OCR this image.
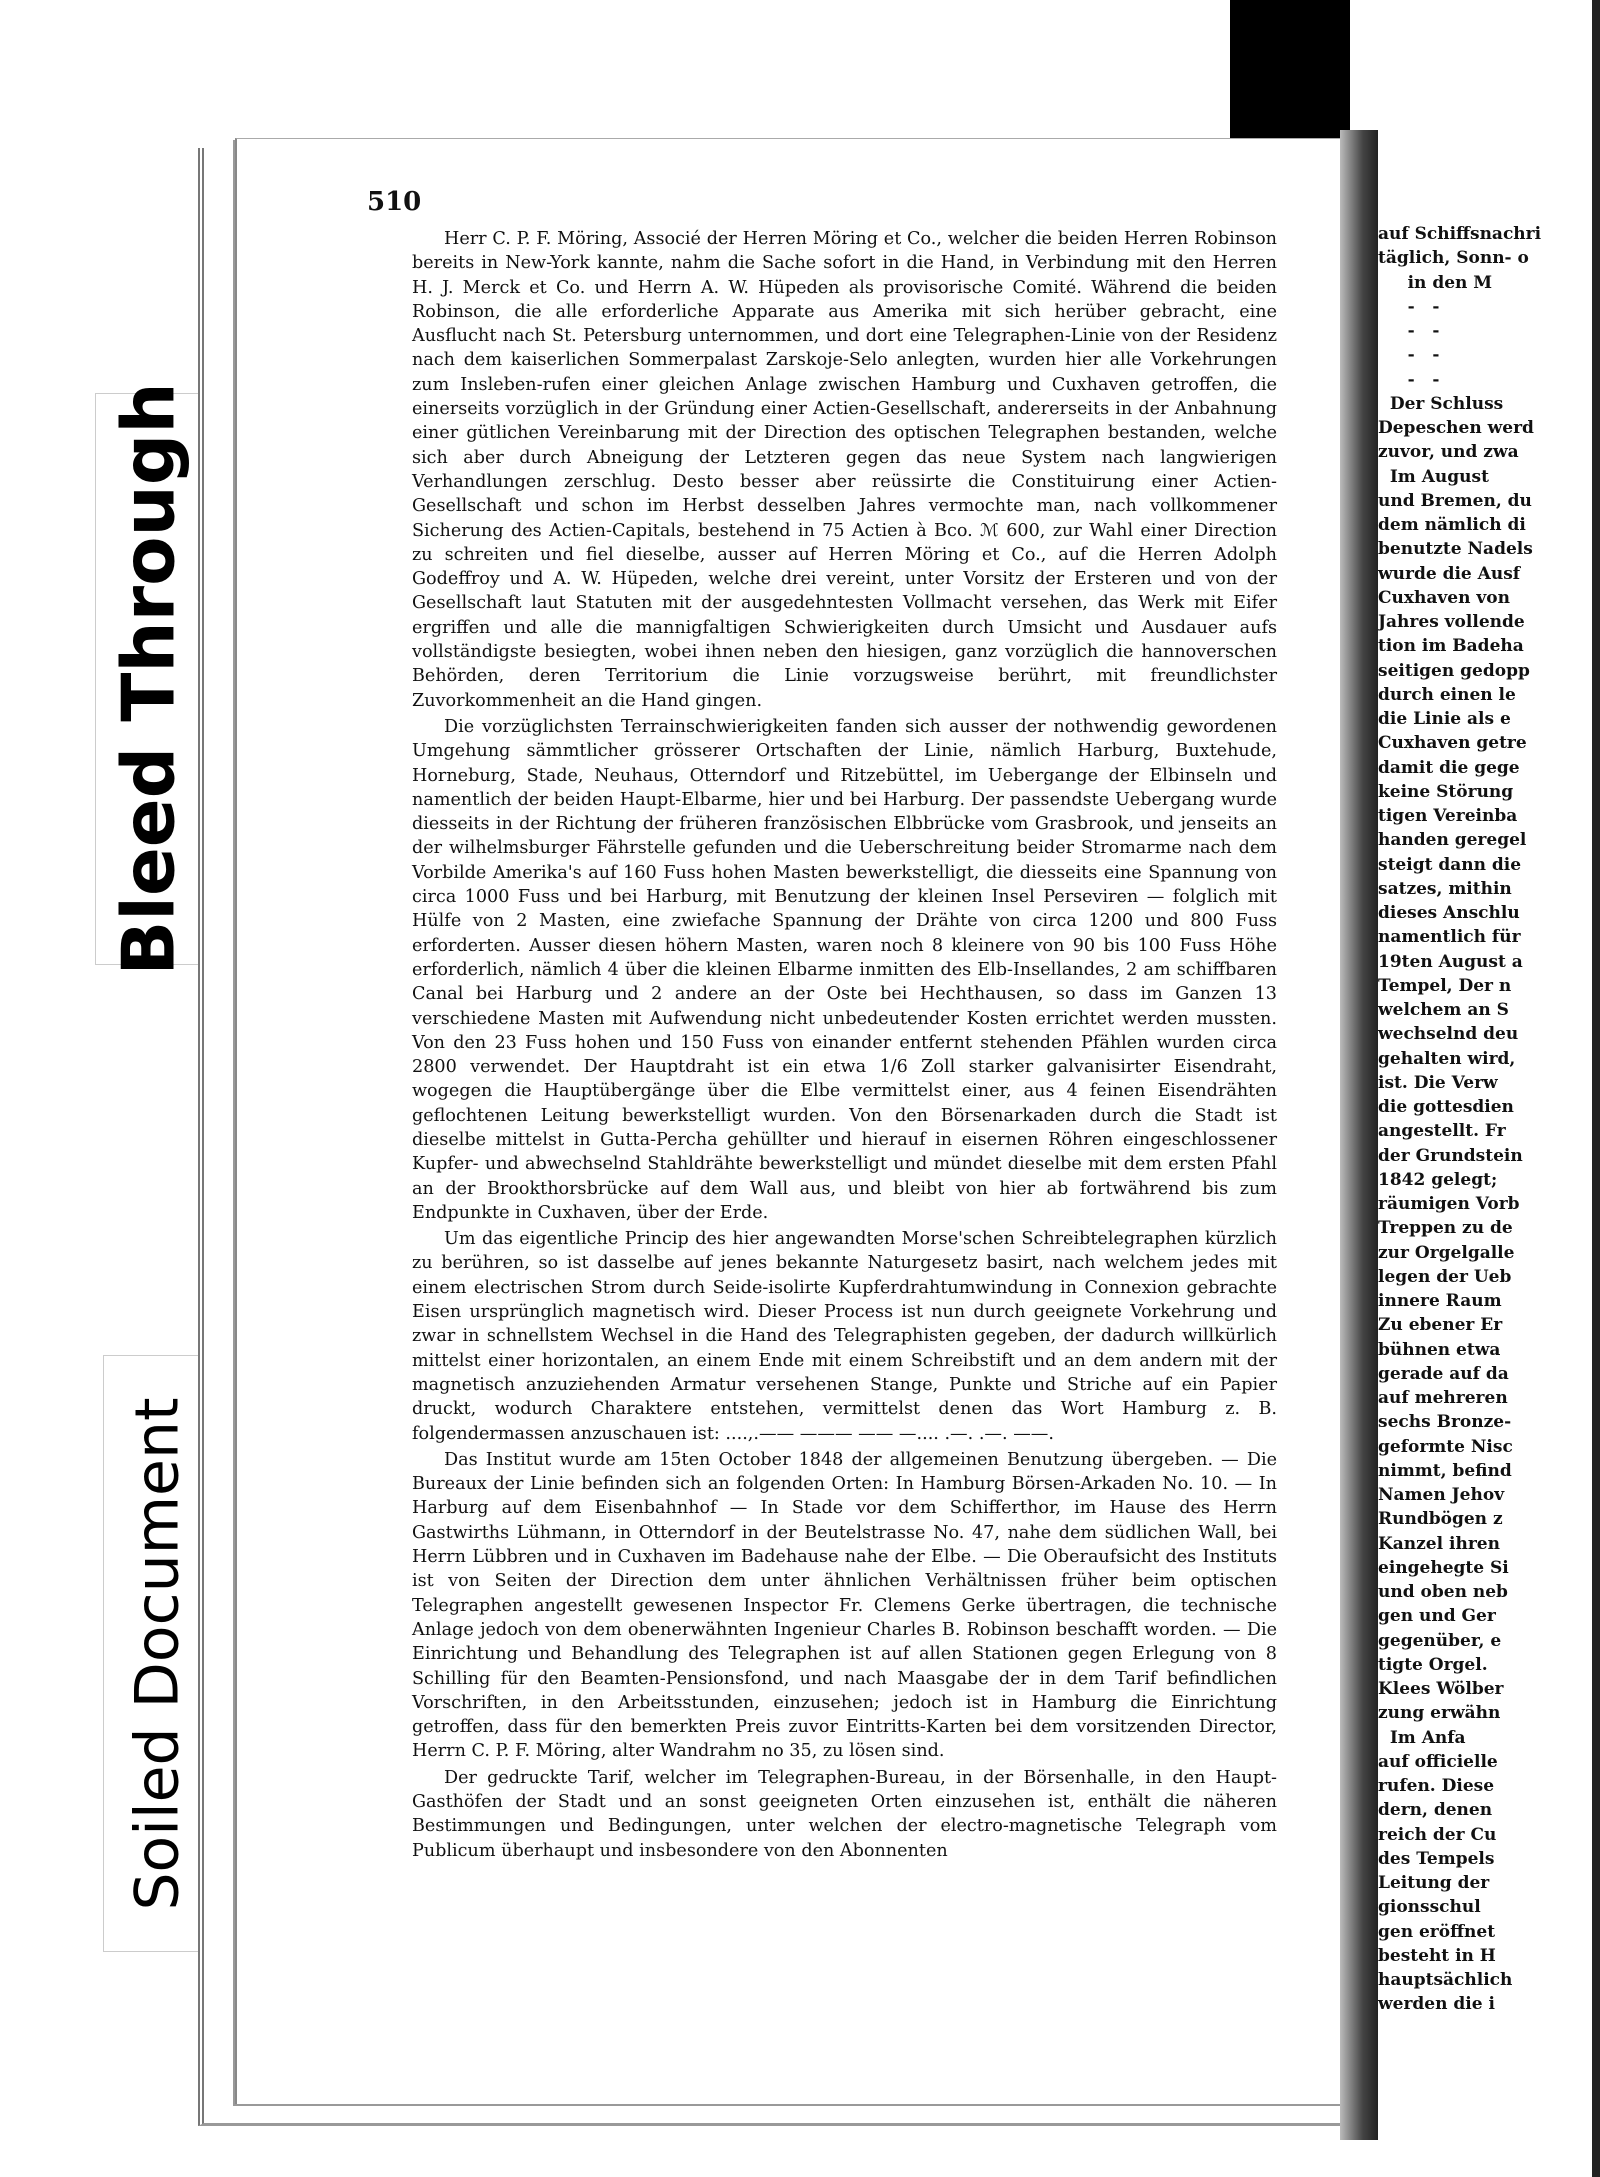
Bleed Through
Soiled Document
510

Herr C. P. F. Möring, Associé der Herren Möring et Co., welcher die beiden Herren Robinson bereits in New-York kannte, nahm die Sache sofort in die Hand, in Verbindung mit den Herren H. J. Merck et Co. und Herrn A. W. Hüpeden als provisorische Comité. Während die beiden Robinson, die alle erforderliche Apparate aus Amerika mit sich herüber gebracht, eine Ausflucht nach St. Petersburg unternommen, und dort eine Telegraphen-Linie von der Residenz nach dem kaiserlichen Sommerpalast Zarskoje-Selo anlegten, wurden hier alle Vorkehrungen zum Insleben-rufen einer gleichen Anlage zwischen Hamburg und Cuxhaven getroffen, die einerseits vorzüglich in der Gründung einer Actien-Gesellschaft, andererseits in der Anbahnung einer gütlichen Vereinbarung mit der Direction des optischen Telegraphen bestanden, welche sich aber durch Abneigung der Letzteren gegen das neue System nach langwierigen Verhandlungen zerschlug. Desto besser aber reüssirte die Constituirung einer Actien-Gesellschaft und schon im Herbst desselben Jahres vermochte man, nach vollkommener Sicherung des Actien-Capitals, bestehend in 75 Actien à Bco. ℳ 600, zur Wahl einer Direction zu schreiten und fiel dieselbe, ausser auf Herren Möring et Co., auf die Herren Adolph Godeffroy und A. W. Hüpeden, welche drei vereint, unter Vorsitz der Ersteren und von der Gesellschaft laut Statuten mit der ausgedehntesten Vollmacht versehen, das Werk mit Eifer ergriffen und alle die mannigfaltigen Schwierigkeiten durch Umsicht und Ausdauer aufs vollständigste besiegten, wobei ihnen neben den hiesigen, ganz vorzüglich die hannoverschen Behörden, deren Territorium die Linie vorzugsweise berührt, mit freundlichster Zuvorkommenheit an die Hand gingen.

Die vorzüglichsten Terrainschwierigkeiten fanden sich ausser der nothwendig gewordenen Umgehung sämmtlicher grösserer Ortschaften der Linie, nämlich Harburg, Buxtehude, Horneburg, Stade, Neuhaus, Otterndorf und Ritzebüttel, im Uebergange der Elbinseln und namentlich der beiden Haupt-Elbarme, hier und bei Harburg. Der passendste Uebergang wurde diesseits in der Richtung der früheren französischen Elbbrücke vom Grasbrook, und jenseits an der wilhelmsburger Fährstelle gefunden und die Ueberschreitung beider Stromarme nach dem Vorbilde Amerika's auf 160 Fuss hohen Masten bewerkstelligt, die diesseits eine Spannung von circa 1000 Fuss und bei Harburg, mit Benutzung der kleinen Insel Perseviren — folglich mit Hülfe von 2 Masten, eine zwiefache Spannung der Drähte von circa 1200 und 800 Fuss erforderten. Ausser diesen höhern Masten, waren noch 8 kleinere von 90 bis 100 Fuss Höhe erforderlich, nämlich 4 über die kleinen Elbarme inmitten des Elb-Insellandes, 2 am schiffbaren Canal bei Harburg und 2 andere an der Oste bei Hechthausen, so dass im Ganzen 13 verschiedene Masten mit Aufwendung nicht unbedeutender Kosten errichtet werden mussten. Von den 23 Fuss hohen und 150 Fuss von einander entfernt stehenden Pfählen wurden circa 2800 verwendet. Der Hauptdraht ist ein etwa 1/6 Zoll starker galvanisirter Eisendraht, wogegen die Hauptübergänge über die Elbe vermittelst einer, aus 4 feinen Eisendrähten geflochtenen Leitung bewerkstelligt wurden. Von den Börsenarkaden durch die Stadt ist dieselbe mittelst in Gutta-Percha gehüllter und hierauf in eisernen Röhren eingeschlossener Kupfer- und abwechselnd Stahldrähte bewerkstelligt und mündet dieselbe mit dem ersten Pfahl an der Brookthorsbrücke auf dem Wall aus, und bleibt von hier ab fortwährend bis zum Endpunkte in Cuxhaven, über der Erde.

Um das eigentliche Princip des hier angewandten Morse'schen Schreibtelegraphen kürzlich zu berühren, so ist dasselbe auf jenes bekannte Naturgesetz basirt, nach welchem jedes mit einem electrischen Strom durch Seide-isolirte Kupferdrahtumwindung in Connexion gebrachte Eisen ursprünglich magnetisch wird. Dieser Process ist nun durch geeignete Vorkehrung und zwar in schnellstem Wechsel in die Hand des Telegraphisten gegeben, der dadurch willkürlich mittelst einer horizontalen, an einem Ende mit einem Schreibstift und an dem andern mit der magnetisch anzuziehenden Armatur versehenen Stange, Punkte und Striche auf ein Papier druckt, wodurch Charaktere entstehen, vermittelst denen das Wort Hamburg z. B. folgendermassen anzuschauen ist: ....,.—— ——— —— —.... .—. .—. ——.

Das Institut wurde am 15ten October 1848 der allgemeinen Benutzung übergeben. — Die Bureaux der Linie befinden sich an folgenden Orten: In Hamburg Börsen-Arkaden No. 10. — In Harburg auf dem Eisenbahnhof — In Stade vor dem Schifferthor, im Hause des Herrn Gastwirths Lühmann, in Otterndorf in der Beutelstrasse No. 47, nahe dem südlichen Wall, bei Herrn Lübbren und in Cuxhaven im Badehause nahe der Elbe. — Die Oberaufsicht des Instituts ist von Seiten der Direction dem unter ähnlichen Verhältnissen früher beim optischen Telegraphen angestellt gewesenen Inspector Fr. Clemens Gerke übertragen, die technische Anlage jedoch von dem obenerwähnten Ingenieur Charles B. Robinson beschafft worden. — Die Einrichtung und Behandlung des Telegraphen ist auf allen Stationen gegen Erlegung von 8 Schilling für den Beamten-Pensionsfond, und nach Maasgabe der in dem Tarif befindlichen Vorschriften, in den Arbeitsstunden, einzusehen; jedoch ist in Hamburg die Einrichtung getroffen, dass für den bemerkten Preis zuvor Eintritts-Karten bei dem vorsitzenden Director, Herrn C. P. F. Möring, alter Wandrahm no 35, zu lösen sind.

Der gedruckte Tarif, welcher im Telegraphen-Bureau, in der Börsenhalle, in den Haupt-Gasthöfen der Stadt und an sonst geeigneten Orten einzusehen ist, enthält die näheren Bestimmungen und Bedingungen, unter welchen der electro-magnetische Telegraph vom Publicum überhaupt und insbesondere von den Abonnenten

auf Schiffsnachri
täglich, Sonn- o
in den M
-   -
-   -
-   -
-   -
Der Schluss
Depeschen werd
zuvor, und zwa
Im August
und Bremen, du
dem nämlich di
benutzte Nadels
wurde die Ausf
Cuxhaven von
Jahres vollende
tion im Badeha
seitigen gedopp
durch einen le
die Linie als e
Cuxhaven getre
damit die gege
keine Störung
tigen Vereinba
handen geregel
steigt dann die
satzes, mithin
dieses Anschlu
namentlich für
19ten August a
Tempel, Der n
welchem an S
wechselnd deu
gehalten wird,
ist. Die Verw
die gottesdien
angestellt. Fr
der Grundstein
1842 gelegt;
räumigen Vorb
Treppen zu de
zur Orgelgalle
legen der Ueb
innere Raum
Zu ebener Er
bühnen etwa
gerade auf da
auf mehreren
sechs Bronze-
geformte Nisc
nimmt, befind
Namen Jehov
Rundbögen z
Kanzel ihren
eingehegte Si
und oben neb
gen und Ger
gegenüber, e
tigte Orgel.
Klees Wölber
zung erwähn
Im Anfa
auf officielle
rufen. Diese
dern, denen
reich der Cu
des Tempels
Leitung der
gionsschul
gen eröffnet
besteht in H
hauptsächlich
werden die i
